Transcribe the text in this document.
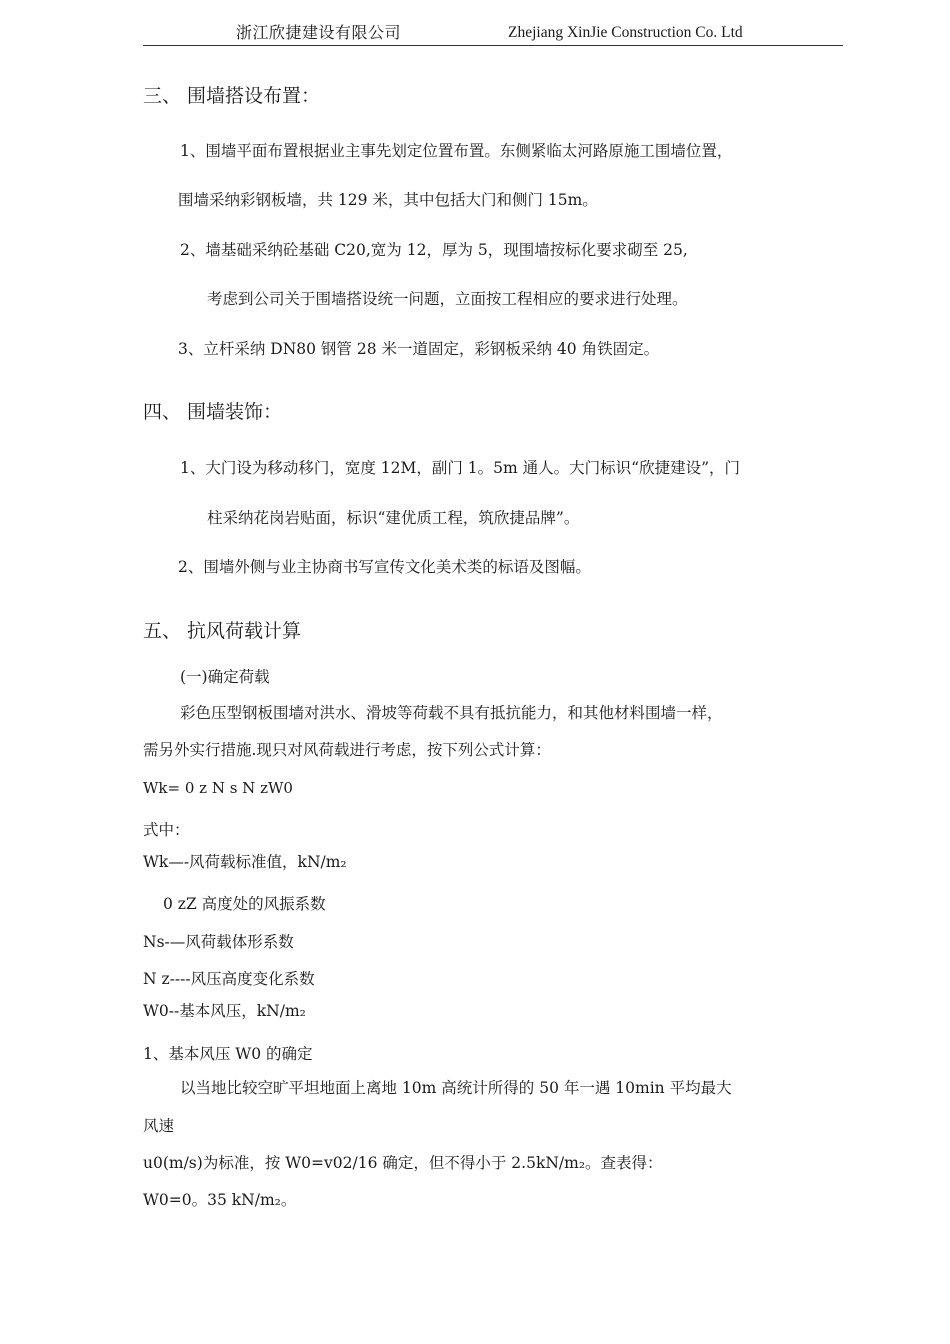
浙江欣捷建设有限公司	Zhejiang XinJie Construction Co. Ltd
三、 围墙搭设布置：
1、围墙平面布置根据业主事先划定位置布置。东侧紧临太河路原施工围墙位置，
围墙采纳彩钢板墙，共 129 米，其中包括大门和侧门 15m。
2、墙基础采纳砼基础 C20,宽为 12，厚为 5，现围墙按标化要求砌至 25,
考虑到公司关于围墙搭设统一问题，立面按工程相应的要求进行处理。
3、立杆采纳 DN80 钢管 28 米一道固定，彩钢板采纳 40 角铁固定。
四、 围墙装饰：
1、大门设为移动移门，宽度 12M，副门 1。5m 通人。大门标识“欣捷建设”，门
柱采纳花岗岩贴面，标识“建优质工程，筑欣捷品牌”。
2、围墙外侧与业主协商书写宣传文化美术类的标语及图幅。
五、 抗风荷载计算
(一)确定荷载
彩色压型钢板围墙对洪水、滑坡等荷载不具有抵抗能力，和其他材料围墙一样，
需另外实行措施.现只对风荷载进行考虑，按下列公式计算：
Wk= 0 z N s N zW0
式中：
Wk—-风荷载标准值，kN/m₂
0 zZ 高度处的风振系数
Ns-—风荷载体形系数
N z----风压高度变化系数
W0--基本风压，kN/m₂
1、基本风压 W0 的确定
以当地比较空旷平坦地面上离地 10m 高统计所得的 50 年一遇 10min 平均最大
风速
u0(m/s)为标准，按 W0=v02/16 确定，但不得小于 2.5kN/m₂。查表得：
W0=0。35 kN/m₂。
